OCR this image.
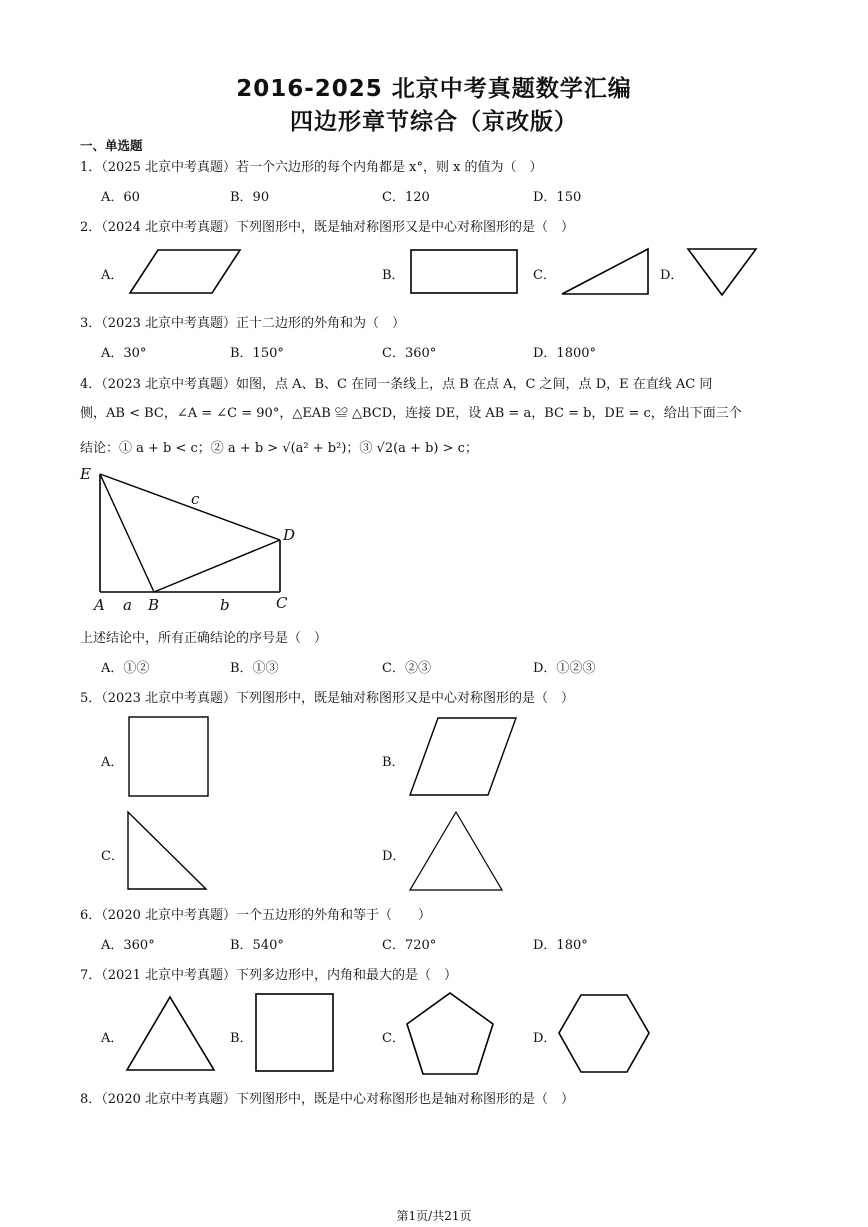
2016-2025 北京中考真题数学汇编
四边形章节综合（京改版）
一、单选题
1．（2025 北京中考真题）若一个六边形的每个内角都是 x°，则 x 的值为（　）
A．60	B．90	C．120	D．150
2．（2024 北京中考真题）下列图形中，既是轴对称图形又是中心对称图形的是（　）
A．	B．	C．	D．
3．（2023 北京中考真题）正十二边形的外角和为（　）
A．30°	B．150°	C．360°	D．1800°
4．（2023 北京中考真题）如图，点 A、B、C 在同一条线上，点 B 在点 A，C 之间，点 D，E 在直线 AC 同
侧，AB < BC，∠A = ∠C = 90°，△EAB ≌ △BCD，连接 DE，设 AB = a，BC = b，DE = c，给出下面三个
结论：① a + b < c；② a + b > √(a² + b²)；③ √2(a + b) > c；
E
D
c
A a B	b	C
上述结论中，所有正确结论的序号是（　）
A．①②	B．①③	C．②③	D．①②③
5．（2023 北京中考真题）下列图形中，既是轴对称图形又是中心对称图形的是（　）
A．	B．
C．	D．
6．（2020 北京中考真题）一个五边形的外角和等于（　　）
A．360°	B．540°	C．720°	D．180°
7．（2021 北京中考真题）下列多边形中，内角和最大的是（　）
A．	B．	C．	D．
8．（2020 北京中考真题）下列图形中，既是中心对称图形也是轴对称图形的是（　）
第1页/共21页
